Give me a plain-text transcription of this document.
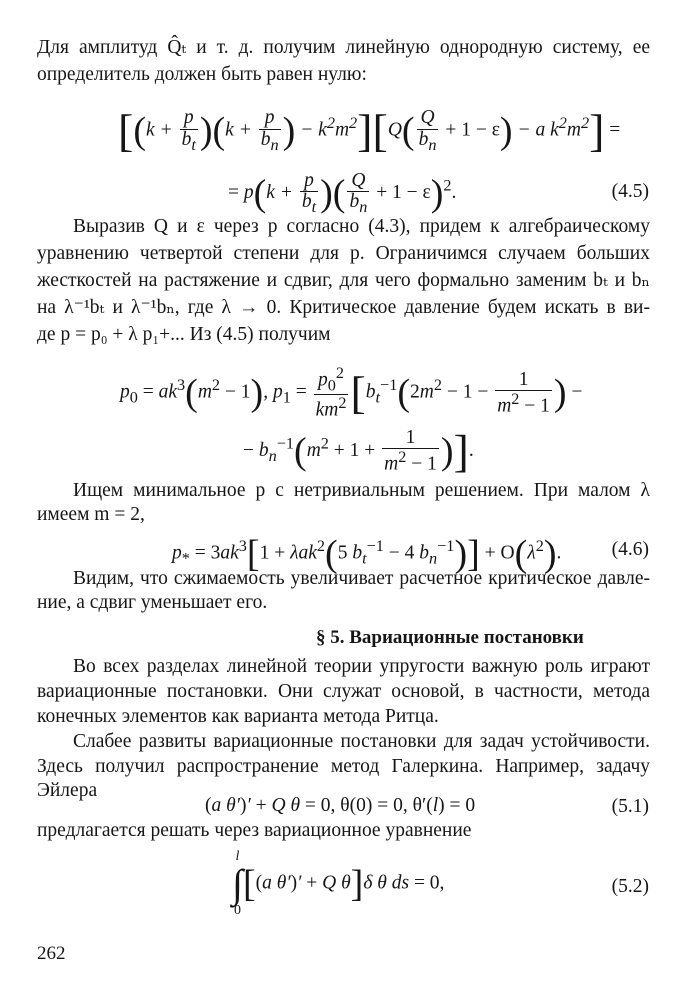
Для амплитуд Q̂ₜ и т. д. получим линейную однородную систему, ее
определитель должен быть равен нулю:
[$(k + \frac{p}{b_t} )(k + \frac{p}{b_n}$ ) − $k^2m^2][Q( \frac{Q}{b_n} + 1 - \varepsilon) - a$ $k^2m^2$] =
= $p(k + \frac{p}{b_t}$ )( $\frac{Q}{b_n} + 1 - \varepsilon)^2$.	(4.5)
Выразив Q и ε через p согласно (4.3), придем к алгебраическому
уравнению четвертой степени для p. Ограничимся случаем больших
жесткостей на растяжение и сдвиг, для чего формально заменим bₜ и bₙ
на λ⁻¹bₜ и λ⁻¹bₙ, где λ → 0. Критическое давление будем искать в ви-
де p = p₀ + λ p₁+... Из (4.5) получим
$p_0 = ak^3(m^2 - 1)$, $p_1 = \frac{p_0^2}{km^2} [b_t^{-1}(2m^2 - 1 - \frac{1}{m^2 - 1}$ ) −
− $b_n^{-1}(m^2 + 1 + \frac{1}{m^2 - 1}$ )].
Ищем минимальное p с нетривиальным решением. При малом λ
имеем m = 2,
$p_* = 3ak^3[1 + \lambda ak^2(5$ $b_t^{-1} - 4$ $b_n^{-1})] + O(\lambda^2)$.	(4.6)
Видим, что сжимаемость увеличивает расчетное критическое давле-
ние, а сдвиг уменьшает его.
§ 5. Вариационные постановки
Во всех разделах линейной теории упругости важную роль играют
вариационные постановки. Они служат основой, в частности, метода
конечных элементов как варианта метода Ритца.
Слабее развиты вариационные постановки для задач устойчивости.
Здесь получил распространение метод Галеркина. Например, задачу
Эйлера
(a θ′)′ + Q θ = 0, θ(0) = 0, θ′(l) = 0	(5.1)
предлагается решать через вариационное уравнение
l
∫
0
[(a θ′)′ + Q θ]δ θ ds = 0,	(5.2)
262
